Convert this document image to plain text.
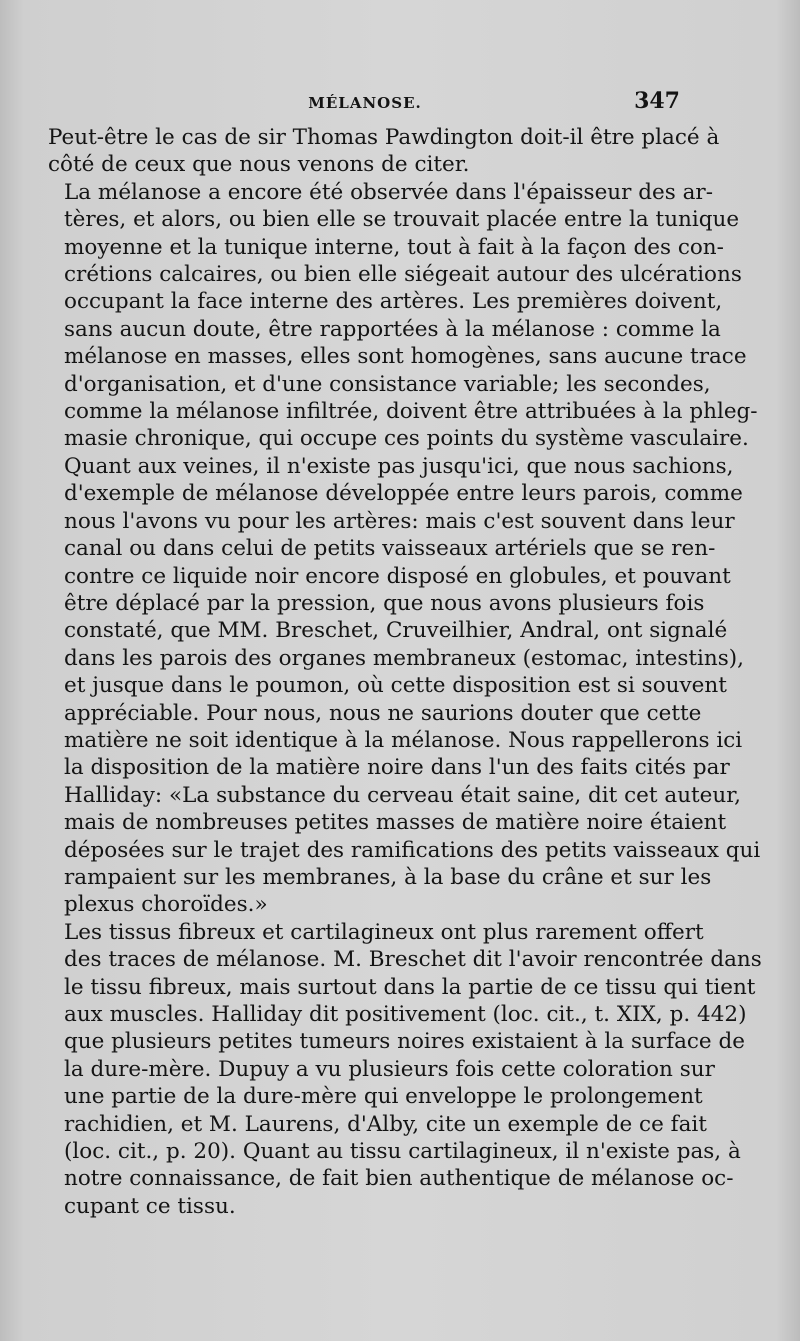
MÉLANOSE.	347

Peut-être le cas de sir Thomas Pawdington doit-il être placé à
côté de ceux que nous venons de citer.

La mélanose a encore été observée dans l'épaisseur des ar-
tères, et alors, ou bien elle se trouvait placée entre la tunique
moyenne et la tunique interne, tout à fait à la façon des con-
crétions calcaires, ou bien elle siégeait autour des ulcérations
occupant la face interne des artères. Les premières doivent,
sans aucun doute, être rapportées à la mélanose : comme la
mélanose en masses, elles sont homogènes, sans aucune trace
d'organisation, et d'une consistance variable; les secondes,
comme la mélanose infiltrée, doivent être attribuées à la phleg-
masie chronique, qui occupe ces points du système vasculaire.

Quant aux veines, il n'existe pas jusqu'ici, que nous sachions,
d'exemple de mélanose développée entre leurs parois, comme
nous l'avons vu pour les artères: mais c'est souvent dans leur
canal ou dans celui de petits vaisseaux artériels que se ren-
contre ce liquide noir encore disposé en globules, et pouvant
être déplacé par la pression, que nous avons plusieurs fois
constaté, que MM. Breschet, Cruveilhier, Andral, ont signalé
dans les parois des organes membraneux (estomac, intestins),
et jusque dans le poumon, où cette disposition est si souvent
appréciable. Pour nous, nous ne saurions douter que cette
matière ne soit identique à la mélanose. Nous rappellerons ici
la disposition de la matière noire dans l'un des faits cités par
Halliday: «La substance du cerveau était saine, dit cet auteur,
mais de nombreuses petites masses de matière noire étaient
déposées sur le trajet des ramifications des petits vaisseaux qui
rampaient sur les membranes, à la base du crâne et sur les
plexus choroïdes.»

Les tissus fibreux et cartilagineux ont plus rarement offert
des traces de mélanose. M. Breschet dit l'avoir rencontrée dans
le tissu fibreux, mais surtout dans la partie de ce tissu qui tient
aux muscles. Halliday dit positivement (loc. cit., t. XIX, p. 442)
que plusieurs petites tumeurs noires existaient à la surface de
la dure-mère. Dupuy a vu plusieurs fois cette coloration sur
une partie de la dure-mère qui enveloppe le prolongement
rachidien, et M. Laurens, d'Alby, cite un exemple de ce fait
(loc. cit., p. 20). Quant au tissu cartilagineux, il n'existe pas, à
notre connaissance, de fait bien authentique de mélanose oc-
cupant ce tissu.
